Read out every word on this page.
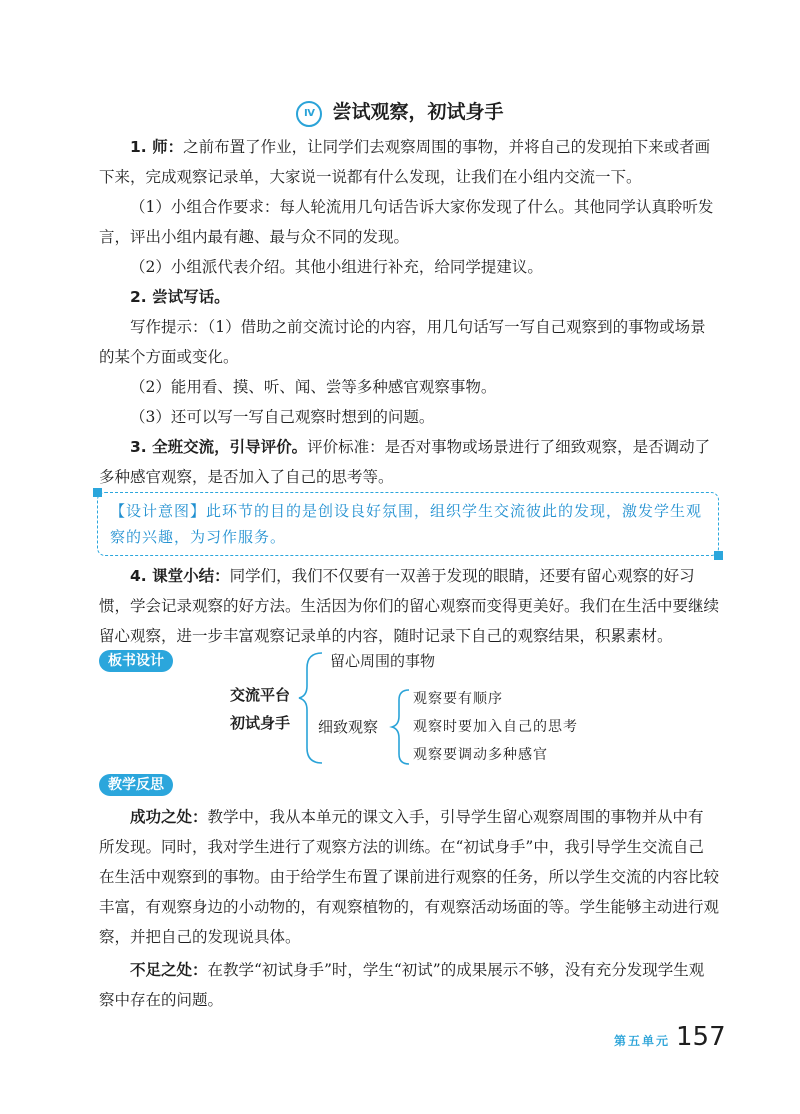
Ⅳ 尝试观察，初试身手

1. 师：之前布置了作业，让同学们去观察周围的事物，并将自己的发现拍下来或者画下来，完成观察记录单，大家说一说都有什么发现，让我们在小组内交流一下。

（1）小组合作要求：每人轮流用几句话告诉大家你发现了什么。其他同学认真聆听发言，评出小组内最有趣、最与众不同的发现。

（2）小组派代表介绍。其他小组进行补充，给同学提建议。

2. 尝试写话。

写作提示：（1）借助之前交流讨论的内容，用几句话写一写自己观察到的事物或场景的某个方面或变化。

（2）能用看、摸、听、闻、尝等多种感官观察事物。

（3）还可以写一写自己观察时想到的问题。

3. 全班交流，引导评价。评价标准：是否对事物或场景进行了细致观察，是否调动了多种感官观察，是否加入了自己的思考等。

【设计意图】此环节的目的是创设良好氛围，组织学生交流彼此的发现，激发学生观察的兴趣，为习作服务。

4. 课堂小结：同学们，我们不仅要有一双善于发现的眼睛，还要有留心观察的好习惯，学会记录观察的好方法。生活因为你们的留心观察而变得更美好。我们在生活中要继续留心观察，进一步丰富观察记录单的内容，随时记录下自己的观察结果，积累素材。

板书设计
交流平台
初试身手
留心周围的事物
细致观察
观察要有顺序
观察时要加入自己的思考
观察要调动多种感官
教学反思

成功之处：教学中，我从本单元的课文入手，引导学生留心观察周围的事物并从中有所发现。同时，我对学生进行了观察方法的训练。在“初试身手”中，我引导学生交流自己在生活中观察到的事物。由于给学生布置了课前进行观察的任务，所以学生交流的内容比较丰富，有观察身边的小动物的，有观察植物的，有观察活动场面的等。学生能够主动进行观察，并把自己的发现说具体。

不足之处：在教学“初试身手”时，学生“初试”的成果展示不够，没有充分发现学生观察中存在的问题。

第五单元 157
